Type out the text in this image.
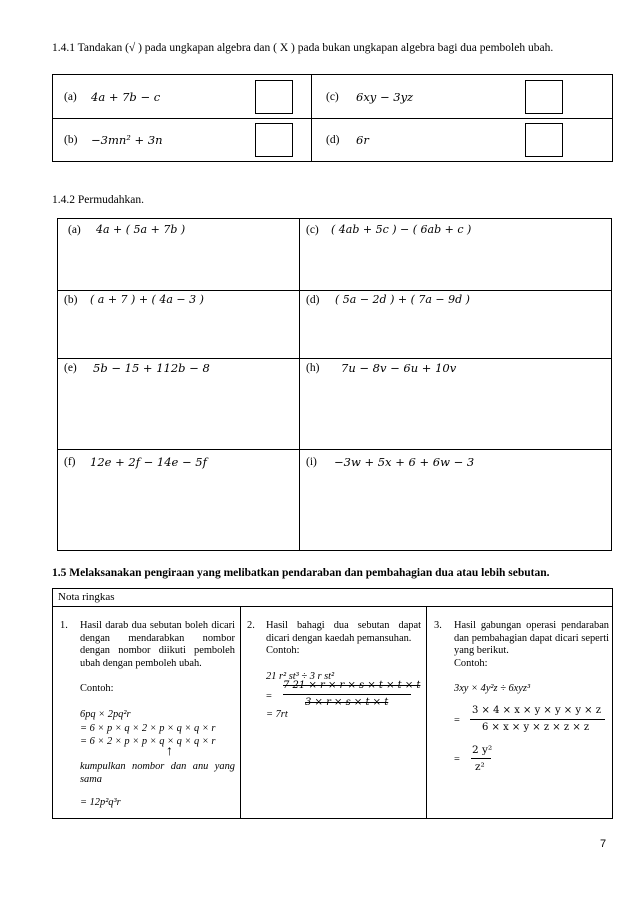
1.4.1 Tandakan (√ ) pada ungkapan algebra dan ( X ) pada bukan ungkapan algebra bagi dua pemboleh ubah.
(a) 4a + 7b − c
(b) −3mn² + 3n
(c) 6xy − 3yz
(d) 6r
1.4.2 Permudahkan.
(a) 4a + ( 5a + 7b )
(b) ( a + 7 ) + ( 4a − 3 )
(e) 5b − 15 + 112b − 8
(f) 12e + 2f − 14e − 5f
(c) ( 4ab + 5c ) − ( 6ab + c )
(d) ( 5a − 2d ) + ( 7a − 9d )
(h) 7u − 8v − 6u + 10v
(i) −3w + 5x + 6 + 6w − 3
1.5 Melaksanakan pengiraan yang melibatkan pendaraban dan pembahagian dua atau lebih sebutan.
Nota ringkas
1. Hasil darab dua sebutan boleh dicari dengan mendarabkan nombor dengan nombor diikuti pemboleh ubah dengan pemboleh ubah.

Contoh:
6pq × 2pq²r
= 6 × p × q × 2 × p × q × q × r
= 6 × 2 × p × p × q × q × q × r
↑

kumpulkan nombor dan anu yang sama

= 12p²q³r
2. Hasil bahagi dua sebutan dapat dicari dengan kaedah pemansuhan.

Contoh:
21 r² st³ ÷ 3 r st²
=
7 21 × r × r × s × t × t × t
3 × r × s × t × t
= 7rt
3. Hasil gabungan operasi pendaraban dan pembahagian dapat dicari seperti yang berikut.

Contoh:
3xy × 4y²z ÷ 6xyz³
=
3 × 4 × x × y × y × y × z
6 × x × y × z × z × z
=
2 y²
z²
7
